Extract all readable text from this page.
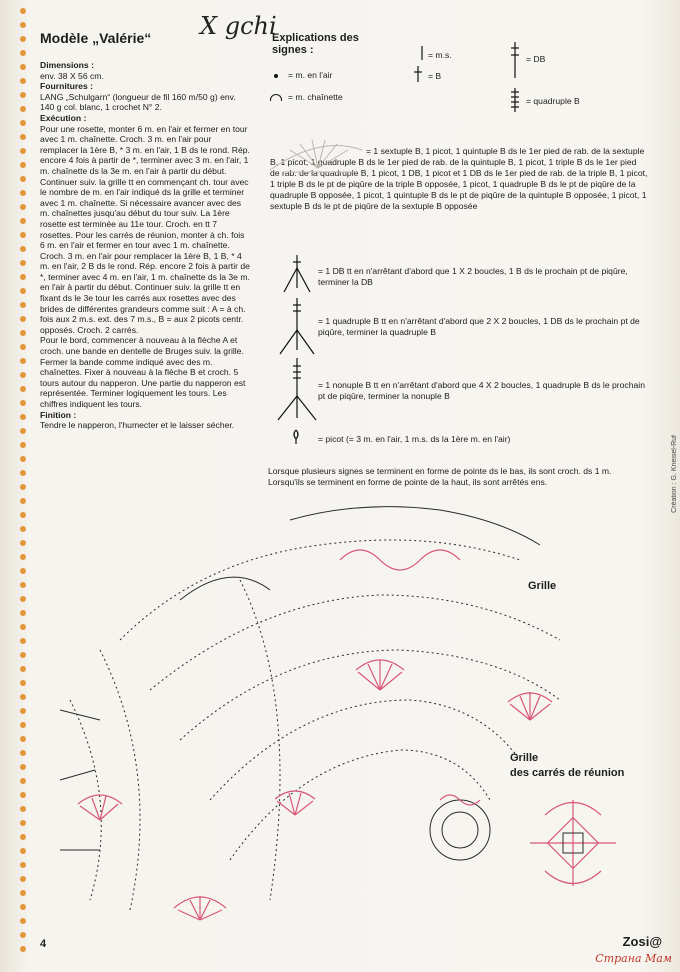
Modèle „Valérie“ X gchi

Dimensions :

env. 38 X 56 cm.

Fournitures :

LANG „Schulgarn“ (longueur de fil 160 m/50 g) env. 140 g col. blanc, 1 crochet N° 2.

Exécution :

Pour une rosette, monter 6 m. en l'air et fermer en tour avec 1 m. chaînette. Croch. 3 m. en l'air pour remplacer la 1ère B, * 3 m. en l'air, 1 B ds le rond. Rép. encore 4 fois à partir de *, terminer avec 3 m. en l'air, 1 m. chaînette ds la 3e m. en l'air à partir du début. Continuer suiv. la grille tt en commençant ch. tour avec le nombre de m. en l'air indiqué ds la grille et terminer avec 1 m. chaînette. Si nécessaire avancer avec des m. chaînettes jusqu'au début du tour suiv. La 1ère rosette est terminée au 11e tour. Croch. en tt 7 rosettes. Pour les carrés de réunion, monter à ch. fois 6 m. en l'air et fermer en tour avec 1 m. chaînette. Croch. 3 m. en l'air pour remplacer la 1ère B, 1 B, * 4 m. en l'air, 2 B ds le rond. Rép. encore 2 fois à partir de *, terminer avec 4 m. en l'air, 1 m. chaînette ds la 3e m. en l'air à partir du début. Continuer suiv. la grille tt en fixant ds le 3e tour les carrés aux rosettes avec des brides de différentes grandeurs comme suit : A = à ch. fois aux 2 m.s. ext. des 7 m.s., B = aux 2 picots centr. opposés. Croch. 2 carrés.

Pour le bord, commencer à nouveau à la flèche A et croch. une bande en dentelle de Bruges suiv. la grille. Fermer la bande comme indiqué avec des m. chaînettes. Fixer à nouveau à la flèche B et croch. 5 tours autour du napperon. Une partie du napperon est représentée. Terminer logiquement les tours. Les chiffres indiquent les tours.

Finition :

Tendre le napperon, l'humecter et le laisser sécher.

Explications des signes :
= m. en l'air
= m. chaînette
= m.s.
= B
= DB
= quadruple B
= 1 sextuple B, 1 picot, 1 quintuple B ds le 1er pied de rab. de la sextuple B, 1 picot, 1 quadruple B ds le 1er pied de rab. de la quintuple B, 1 picot, 1 triple B ds le 1er pied de rab. de la quadruple B, 1 picot, 1 DB, 1 picot et 1 DB ds le 1er pied de rab. de la triple B, 1 picot, 1 triple B ds le pt de piqûre de la triple B opposée, 1 picot, 1 quadruple B ds le pt de piqûre de la quadruple B opposée, 1 picot, 1 quintuple B ds le pt de piqûre de la quintuple B opposée, 1 picot, 1 sextuple B ds le pt de piqûre de la sextuple B opposée
= 1 DB tt en n'arrêtant d'abord que 1 X 2 boucles, 1 B ds le prochain pt de piqûre, terminer la DB
= 1 quadruple B tt en n'arrêtant d'abord que 2 X 2 boucles, 1 DB ds le prochain pt de piqûre, terminer la quadruple B
= 1 nonuple B tt en n'arrêtant d'abord que 4 X 2 boucles, 1 quadruple B ds le prochain pt de piqûre, terminer la nonuple B
= picot (= 3 m. en l'air, 1 m.s. ds la 1ère m. en l'air)
Lorsque plusieurs signes se terminent en forme de pointe ds le bas, ils sont croch. ds 1 m. Lorsqu'ils se terminent en forme de pointe de la haut, ils sont arrêtés ens.	Création : G. Kneisel-Ruf
Grille
Grille
des carrés de réunion
4	Zosi@
Страна Мам
